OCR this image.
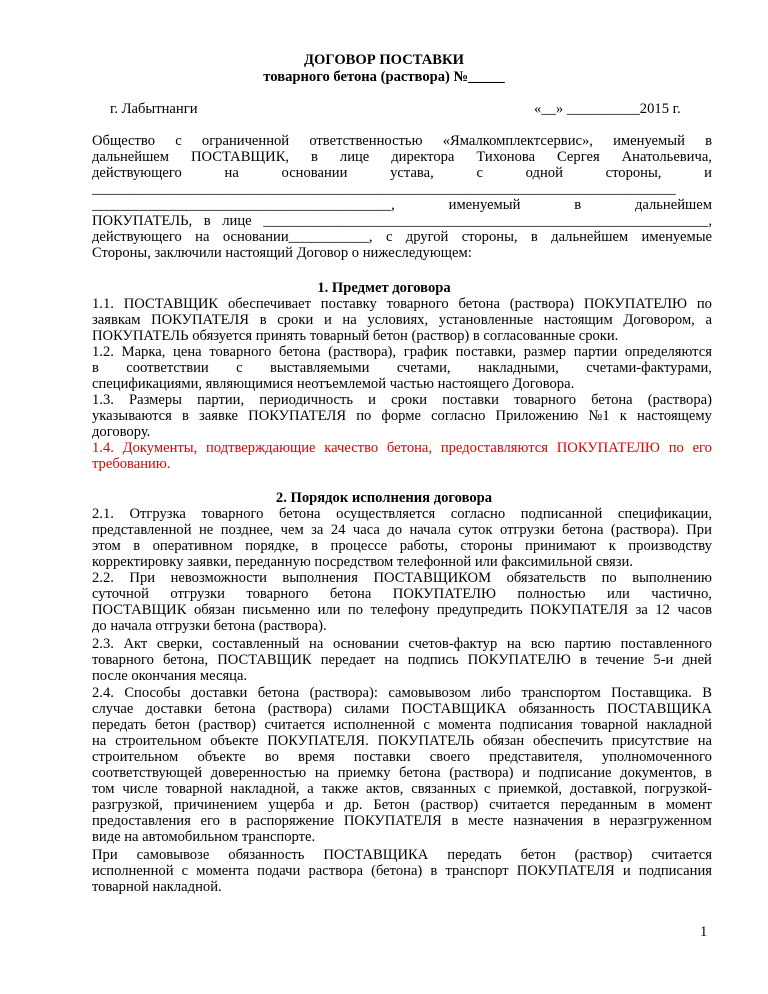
ДОГОВОР ПОСТАВКИ
товарного бетона (раствора) №_____
г. Лабытнанги	«__» __________2015 г.
Общество с ограниченной ответственностью «Ямалкомплектсервис», именуемый в
дальнейшем ПОСТАВЩИК, в лице директора Тихонова Сергея Анатольевича,
действующего	на	основании	устава,	с	одной	стороны,	и
________________________________________________________________________________
_________________________________________,	именуемый	в	дальнейшем
ПОКУПАТЕЛЬ, в лице _____________________________________________________________,
действующего на основании___________, с другой стороны, в дальнейшем именуемые
Стороны, заключили настоящий Договор о нижеследующем:
1. Предмет договора
1.1. ПОСТАВЩИК обеспечивает поставку товарного бетона (раствора) ПОКУПАТЕЛЮ по
заявкам ПОКУПАТЕЛЯ в сроки и на условиях, установленные настоящим Договором, а
ПОКУПАТЕЛЬ обязуется принять товарный бетон (раствор) в согласованные сроки.
1.2. Марка, цена товарного бетона (раствора), график поставки, размер партии определяются
в соответствии с выставляемыми счетами, накладными, счетами-фактурами,
спецификациями, являющимися неотъемлемой частью настоящего Договора.
1.3. Размеры партии, периодичность и сроки поставки товарного бетона (раствора)
указываются в заявке ПОКУПАТЕЛЯ по форме согласно Приложению №1 к настоящему
договору.
1.4. Документы, подтверждающие качество бетона, предоставляются ПОКУПАТЕЛЮ по его
требованию.
2. Порядок исполнения договора
2.1. Отгрузка товарного бетона осуществляется согласно подписанной спецификации,
представленной не позднее, чем за 24 часа до начала суток отгрузки бетона (раствора). При
этом в оперативном порядке, в процессе работы, стороны принимают к производству
корректировку заявки, переданную посредством телефонной или факсимильной связи.
2.2. При невозможности выполнения ПОСТАВЩИКОМ обязательств по выполнению
суточной отгрузки товарного бетона ПОКУПАТЕЛЮ полностью или частично,
ПОСТАВЩИК обязан письменно или по телефону предупредить ПОКУПАТЕЛЯ за 12 часов
до начала отгрузки бетона (раствора).
2.3. Акт сверки, составленный на основании счетов-фактур на всю партию поставленного
товарного бетона, ПОСТАВЩИК передает на подпись ПОКУПАТЕЛЮ в течение 5-и дней
после окончания месяца.
2.4. Способы доставки бетона (раствора): самовывозом либо транспортом Поставщика. В
случае доставки бетона (раствора) силами ПОСТАВЩИКА обязанность ПОСТАВЩИКА
передать бетон (раствор) считается исполненной с момента подписания товарной накладной
на строительном объекте ПОКУПАТЕЛЯ. ПОКУПАТЕЛЬ обязан обеспечить присутствие на
строительном объекте во время поставки своего представителя, уполномоченного
соответствующей доверенностью на приемку бетона (раствора) и подписание документов, в
том числе товарной накладной, а также актов, связанных с приемкой, доставкой, погрузкой-
разгрузкой, причинением ущерба и др. Бетон (раствор) считается переданным в момент
предоставления его в распоряжение ПОКУПАТЕЛЯ в месте назначения в неразгруженном
виде на автомобильном транспорте.
При самовывозе обязанность ПОСТАВЩИКА передать бетон (раствор) считается
исполненной с момента подачи раствора (бетона) в транспорт ПОКУПАТЕЛЯ и подписания
товарной накладной.
1
